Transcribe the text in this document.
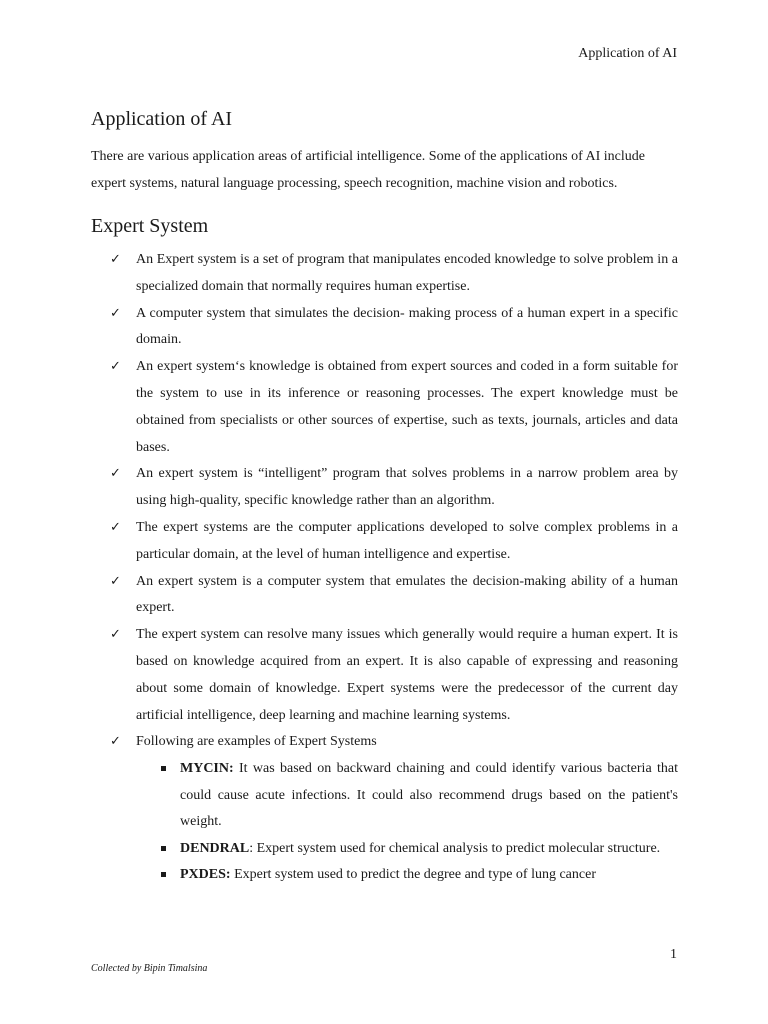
Application of AI
Application of AI

There are various application areas of artificial intelligence. Some of the applications of AI include expert systems, natural language processing, speech recognition, machine vision and robotics.

Expert System
✓ An Expert system is a set of program that manipulates encoded knowledge to solve problem in a specialized domain that normally requires human expertise.
✓ A computer system that simulates the decision- making process of a human expert in a specific domain.
✓ An expert system‘s knowledge is obtained from expert sources and coded in a form suitable for the system to use in its inference or reasoning processes. The expert knowledge must be obtained from specialists or other sources of expertise, such as texts, journals, articles and data bases.
✓ An expert system is “intelligent” program that solves problems in a narrow problem area by using high-quality, specific knowledge rather than an algorithm.
✓ The expert systems are the computer applications developed to solve complex problems in a particular domain, at the level of human intelligence and expertise.
✓ An expert system is a computer system that emulates the decision-making ability of a human expert.
✓ The expert system can resolve many issues which generally would require a human expert. It is based on knowledge acquired from an expert. It is also capable of expressing and reasoning about some domain of knowledge. Expert systems were the predecessor of the current day artificial intelligence, deep learning and machine learning systems.
✓ Following are examples of Expert Systems
MYCIN: It was based on backward chaining and could identify various bacteria that could cause acute infections. It could also recommend drugs based on the patient's weight.
DENDRAL: Expert system used for chemical analysis to predict molecular structure.
PXDES: Expert system used to predict the degree and type of lung cancer
1
Collected by Bipin Timalsina
